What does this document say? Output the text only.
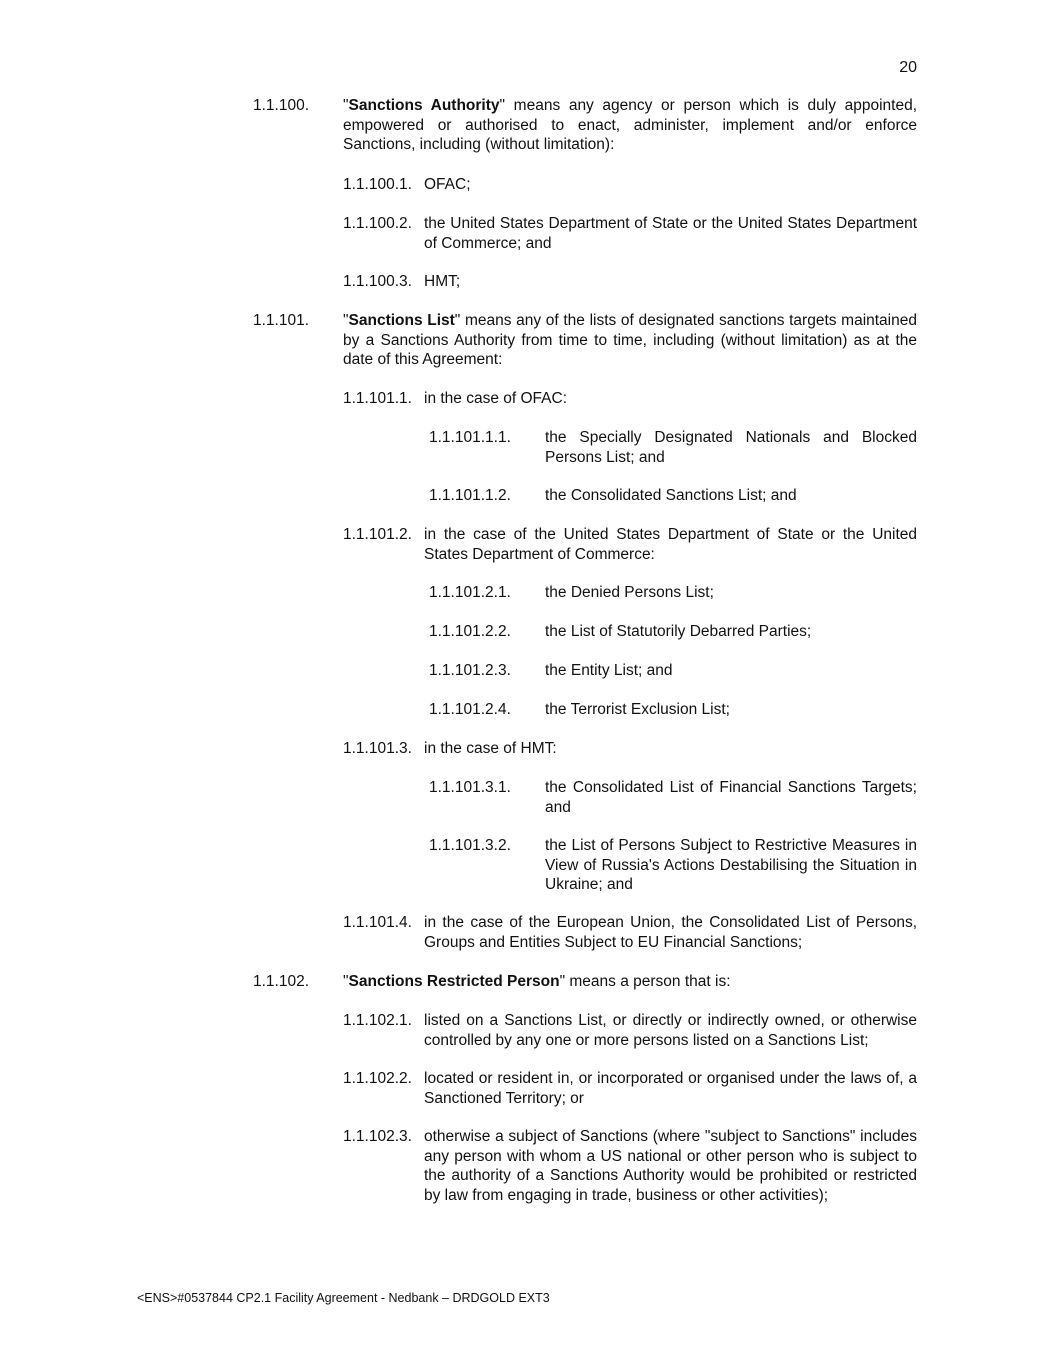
20
1.1.100. "Sanctions Authority" means any agency or person which is duly appointed, empowered or authorised to enact, administer, implement and/or enforce Sanctions, including (without limitation):
1.1.100.1. OFAC;
1.1.100.2. the United States Department of State or the United States Department of Commerce; and
1.1.100.3. HMT;
1.1.101. "Sanctions List" means any of the lists of designated sanctions targets maintained by a Sanctions Authority from time to time, including (without limitation) as at the date of this Agreement:
1.1.101.1. in the case of OFAC:
1.1.101.1.1. the Specially Designated Nationals and Blocked Persons List; and
1.1.101.1.2. the Consolidated Sanctions List; and
1.1.101.2. in the case of the United States Department of State or the United States Department of Commerce:
1.1.101.2.1. the Denied Persons List;
1.1.101.2.2. the List of Statutorily Debarred Parties;
1.1.101.2.3. the Entity List; and
1.1.101.2.4. the Terrorist Exclusion List;
1.1.101.3. in the case of HMT:
1.1.101.3.1. the Consolidated List of Financial Sanctions Targets; and
1.1.101.3.2. the List of Persons Subject to Restrictive Measures in View of Russia's Actions Destabilising the Situation in Ukraine; and
1.1.101.4. in the case of the European Union, the Consolidated List of Persons, Groups and Entities Subject to EU Financial Sanctions;
1.1.102. "Sanctions Restricted Person" means a person that is:
1.1.102.1. listed on a Sanctions List, or directly or indirectly owned, or otherwise controlled by any one or more persons listed on a Sanctions List;
1.1.102.2. located or resident in, or incorporated or organised under the laws of, a Sanctioned Territory; or
1.1.102.3. otherwise a subject of Sanctions (where "subject to Sanctions" includes any person with whom a US national or other person who is subject to the authority of a Sanctions Authority would be prohibited or restricted by law from engaging in trade, business or other activities);
<ENS>#0537844 CP2.1 Facility Agreement - Nedbank – DRDGOLD EXT3
